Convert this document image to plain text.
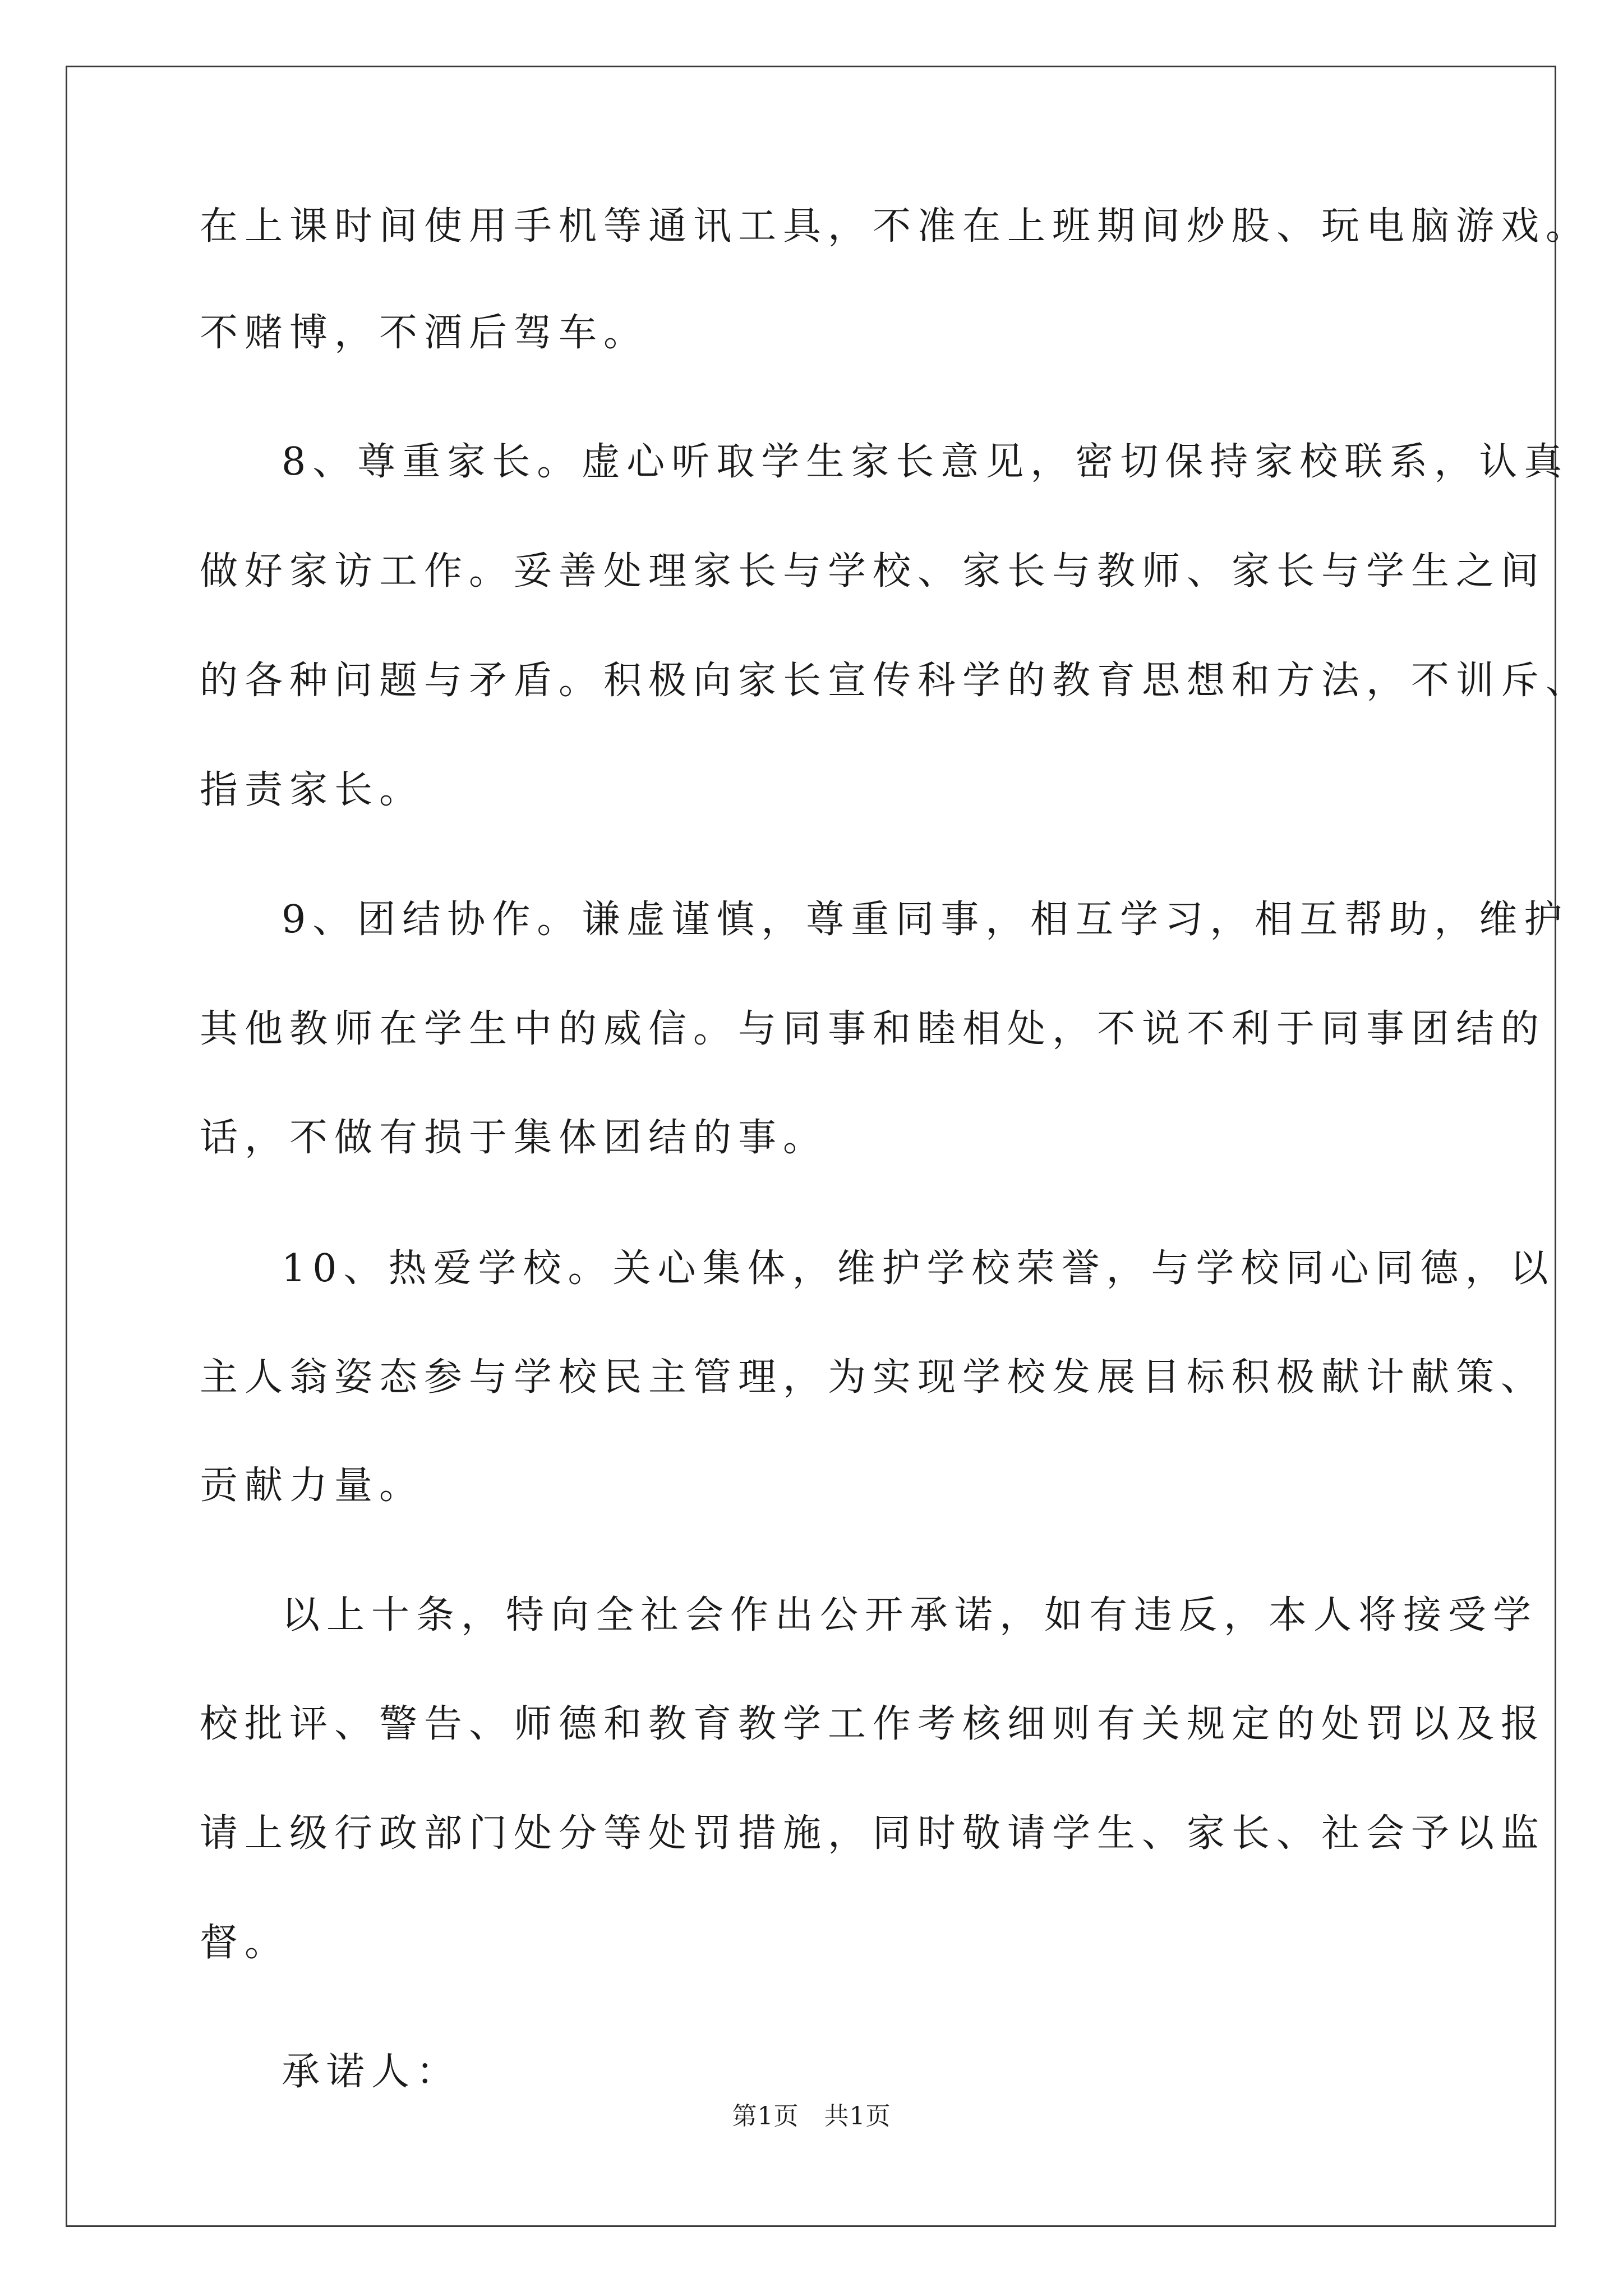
在上课时间使用手机等通讯工具，不准在上班期间炒股、玩电脑游戏。
不赌博，不酒后驾车。
8、尊重家长。虚心听取学生家长意见，密切保持家校联系，认真
做好家访工作。妥善处理家长与学校、家长与教师、家长与学生之间
的各种问题与矛盾。积极向家长宣传科学的教育思想和方法，不训斥、
指责家长。
9、团结协作。谦虚谨慎，尊重同事，相互学习，相互帮助，维护
其他教师在学生中的威信。与同事和睦相处，不说不利于同事团结的
话，不做有损于集体团结的事。
10、热爱学校。关心集体，维护学校荣誉，与学校同心同德，以
主人翁姿态参与学校民主管理，为实现学校发展目标积极献计献策、
贡献力量。
以上十条，特向全社会作出公开承诺，如有违反，本人将接受学
校批评、警告、师德和教育教学工作考核细则有关规定的处罚以及报
请上级行政部门处分等处罚措施，同时敬请学生、家长、社会予以监
督。
承诺人：
第1页   共1页
